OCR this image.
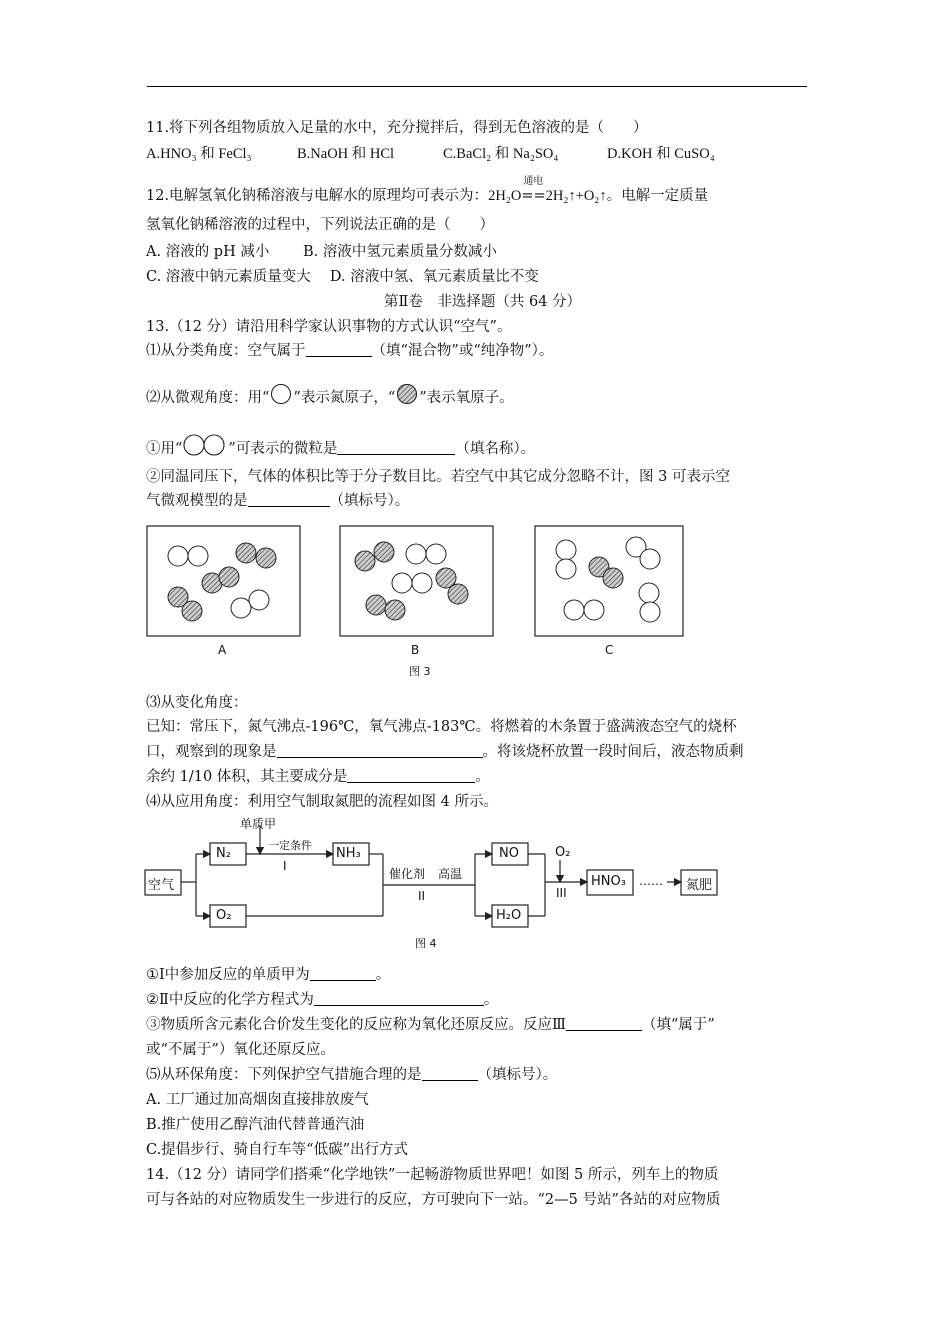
11.将下列各组物质放入足量的水中，充分搅拌后，得到无色溶液的是（　　）
A.HNO₃ 和 FeCl₃	B.NaOH 和 HCl	C.BaCl₂ 和 Na₂SO₄	D.KOH 和 CuSO₄
12.电解氢氧化钠稀溶液与电解水的原理均可表示为：2H₂O
通电
==2H₂↑+O₂↑。电解一定质量
氢氧化钠稀溶液的过程中，下列说法正确的是（　　）
A. 溶液的 pH 减小　　 B. 溶液中氢元素质量分数减小
C. 溶液中钠元素质量变大　 D. 溶液中氢、氧元素质量比不变
第Ⅱ卷　非选择题（共 64 分）
13.（12 分）请沿用科学家认识事物的方式认识“空气”。
⑴从分类角度：空气属于	（填“混合物”或“纯净物”）。
⑵从微观角度：用“ ”表示氮原子，“ ”表示氧原子。
①用“	”可表示的微粒是	（填名称）。
②同温同压下，气体的体积比等于分子数目比。若空气中其它成分忽略不计，图 3 可表示空
气微观模型的是	（填标号）。
A	B	C
图 3
⑶从变化角度：
已知：常压下，氮气沸点-196℃，氧气沸点-183℃。将燃着的木条置于盛满液态空气的烧杯
口，观察到的现象是	。将该烧杯放置一段时间后，液态物质剩
余约 1/10 体积，其主要成分是	。
⑷从应用角度：利用空气制取氮肥的流程如图 4 所示。
空气
N₂
O₂
NH₃	NO
H₂O
HNO₃	氮肥
单质甲
一定条件
I
催化剂 高温
II
O₂
III
……
图 4
①Ⅰ中参加反应的单质甲为	。
②Ⅱ中反应的化学方程式为	。
③物质所含元素化合价发生变化的反应称为氧化还原反应。反应Ⅲ	（填“属于”
或“不属于”）氧化还原反应。
⑸从环保角度：下列保护空气措施合理的是	（填标号）。
A. 工厂通过加高烟囱直接排放废气
B.推广使用乙醇汽油代替普通汽油
C.提倡步行、骑自行车等“低碳”出行方式
14.（12 分）请同学们搭乘“化学地铁”一起畅游物质世界吧！如图 5 所示，列车上的物质
可与各站的对应物质发生一步进行的反应，方可驶向下一站。“2—5 号站”各站的对应物质
